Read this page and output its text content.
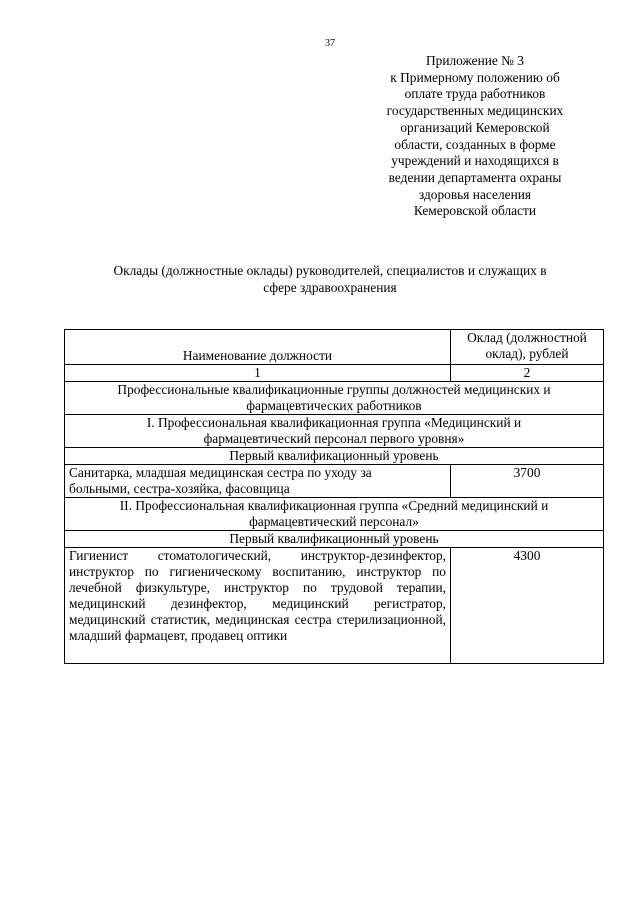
37
Приложение № 3
к Примерному положению об
оплате труда работников
государственных медицинских
организаций Кемеровской
области, созданных в форме
учреждений и находящихся в
ведении департамента охраны
здоровья населения
Кемеровской области
Оклады (должностные оклады) руководителей, специалистов и служащих в
сфере здравоохранения
Наименование должности	Оклад (должностной
оклад), рублей

1	2

Профессиональные квалификационные группы должностей медицинских и
фармацевтических работников	

I. Профессиональная квалификационная группа «Медицинский и
фармацевтический персонал первого уровня»	

Первый квалификационный уровень	

Санитарка, младшая медицинская сестра по уходу за
больными, сестра-хозяйка, фасовщица	3700

II. Профессиональная квалификационная группа «Средний медицинский и
фармацевтический персонал»	

Первый квалификационный уровень	
Гигиенист стоматологический, инструктор-дезинфектор, инструктор по гигиеническому воспитанию, инструктор по лечебной физкультуре, инструктор по трудовой терапии, медицинский дезинфектор, медицинский регистратор, медицинский статистик, медицинская сестра стерилизационной, младший фармацевт, продавец оптики	4300
